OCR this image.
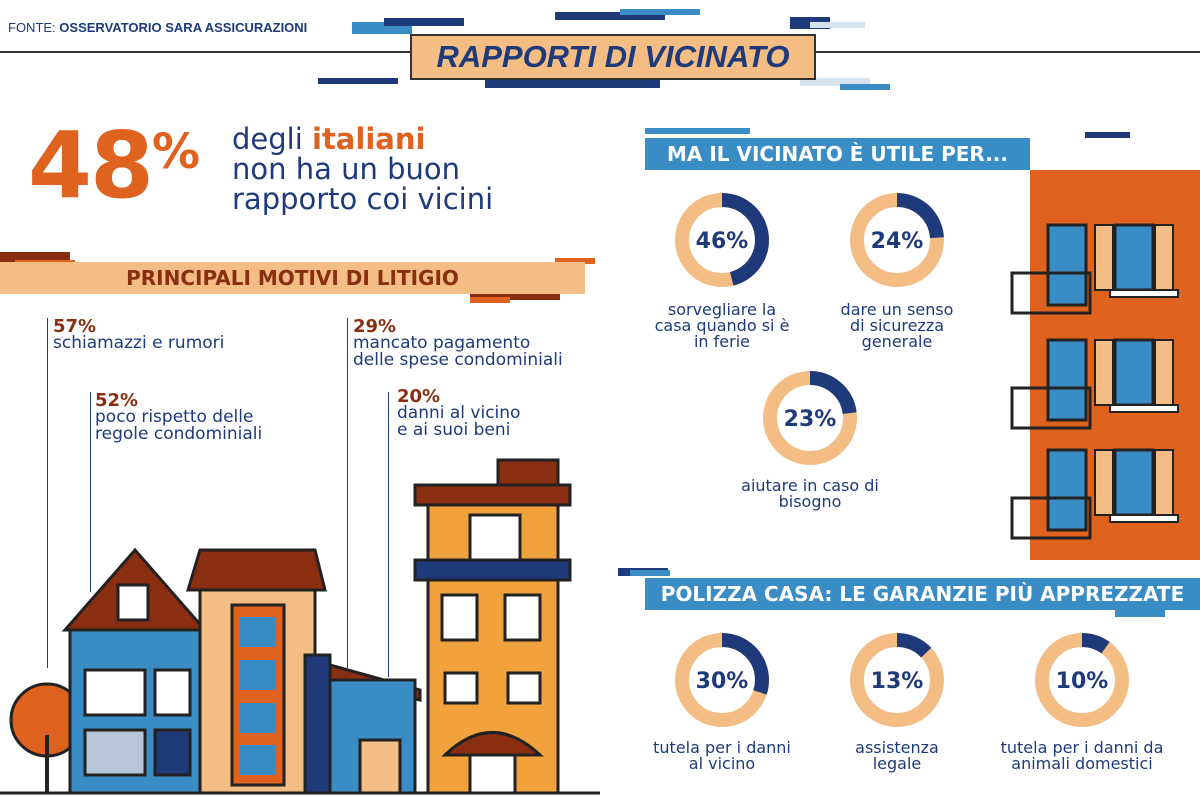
FONTE: OSSERVATORIO SARA ASSICURAZIONI
RAPPORTI DI VICINATO
48% degli italiani
non ha un buon
rapporto coi vicini
PRINCIPALI MOTIVI DI LITIGIO
57%
schiamazzi e rumori
52%
poco rispetto delle
regole condominiali
29%
mancato pagamento
delle spese condominiali
20%
danni al vicino
e ai suoi beni
MA IL VICINATO È UTILE PER...
POLIZZA CASA: LE GARANZIE PIÙ APPREZZATE
46%
sorvegliare la
casa quando si è
in ferie
24%
dare un senso
di sicurezza
generale
23%
aiutare in caso di
bisogno
30%
tutela per i danni
al vicino
13%
assistenza
legale
10%
tutela per i danni da
animali domestici
